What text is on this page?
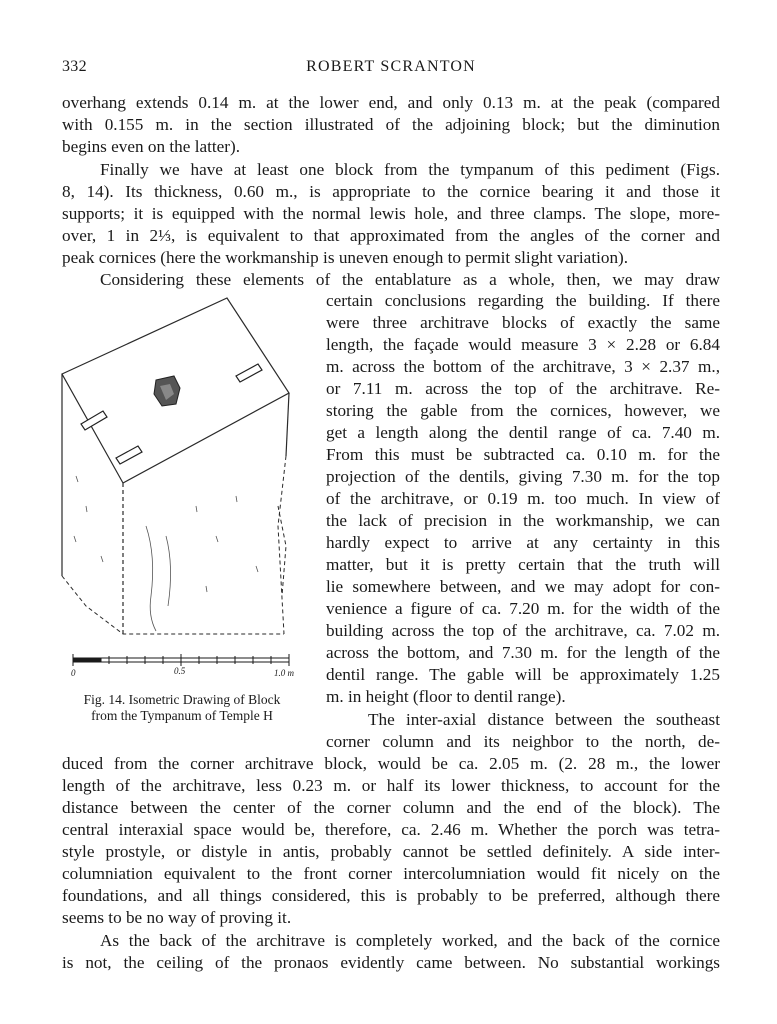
332	ROBERT SCRANTON
overhang extends 0.14 m. at the lower end, and only 0.13 m. at the peak (compared
with 0.155 m. in the section illustrated of the adjoining block; but the diminution
begins even on the latter).
Finally we have at least one block from the tympanum of this pediment (Figs.
8, 14). Its thickness, 0.60 m., is appropriate to the cornice bearing it and those it
supports; it is equipped with the normal lewis hole, and three clamps. The slope, more-
over, 1 in 2⅓, is equivalent to that approximated from the angles of the corner and
peak cornices (here the workmanship is uneven enough to permit slight variation).
Considering these elements of the entablature as a whole, then, we may draw
certain conclusions regarding the building. If there
were three architrave blocks of exactly the same
length, the façade would measure 3 × 2.28 or 6.84
m. across the bottom of the architrave, 3 × 2.37 m.,
or 7.11 m. across the top of the architrave. Re-
storing the gable from the cornices, however, we
get a length along the dentil range of ca. 7.40 m.
From this must be subtracted ca. 0.10 m. for the
projection of the dentils, giving 7.30 m. for the top
of the architrave, or 0.19 m. too much. In view of
the lack of precision in the workmanship, we can
hardly expect to arrive at any certainty in this
matter, but it is pretty certain that the truth will
lie somewhere between, and we may adopt for con-
venience a figure of ca. 7.20 m. for the width of the
building across the top of the architrave, ca. 7.02 m.
across the bottom, and 7.30 m. for the length of the
dentil range. The gable will be approximately 1.25
m. in height (floor to dentil range).
The inter-axial distance between the southeast
corner column and its neighbor to the north, de-
duced from the corner architrave block, would be ca. 2.05 m. (2. 28 m., the lower
length of the architrave, less 0.23 m. or half its lower thickness, to account for the
distance between the center of the corner column and the end of the block). The
central interaxial space would be, therefore, ca. 2.46 m. Whether the porch was tetra-
style prostyle, or distyle in antis, probably cannot be settled definitely. A side inter-
columniation equivalent to the front corner intercolumniation would fit nicely on the
foundations, and all things considered, this is probably to be preferred, although there
seems to be no way of proving it.
As the back of the architrave is completely worked, and the back of the cornice
is not, the ceiling of the pronaos evidently came between. No substantial workings
0	0.5	1.0 m
Fig. 14. Isometric Drawing of Block
from the Tympanum of Temple H
